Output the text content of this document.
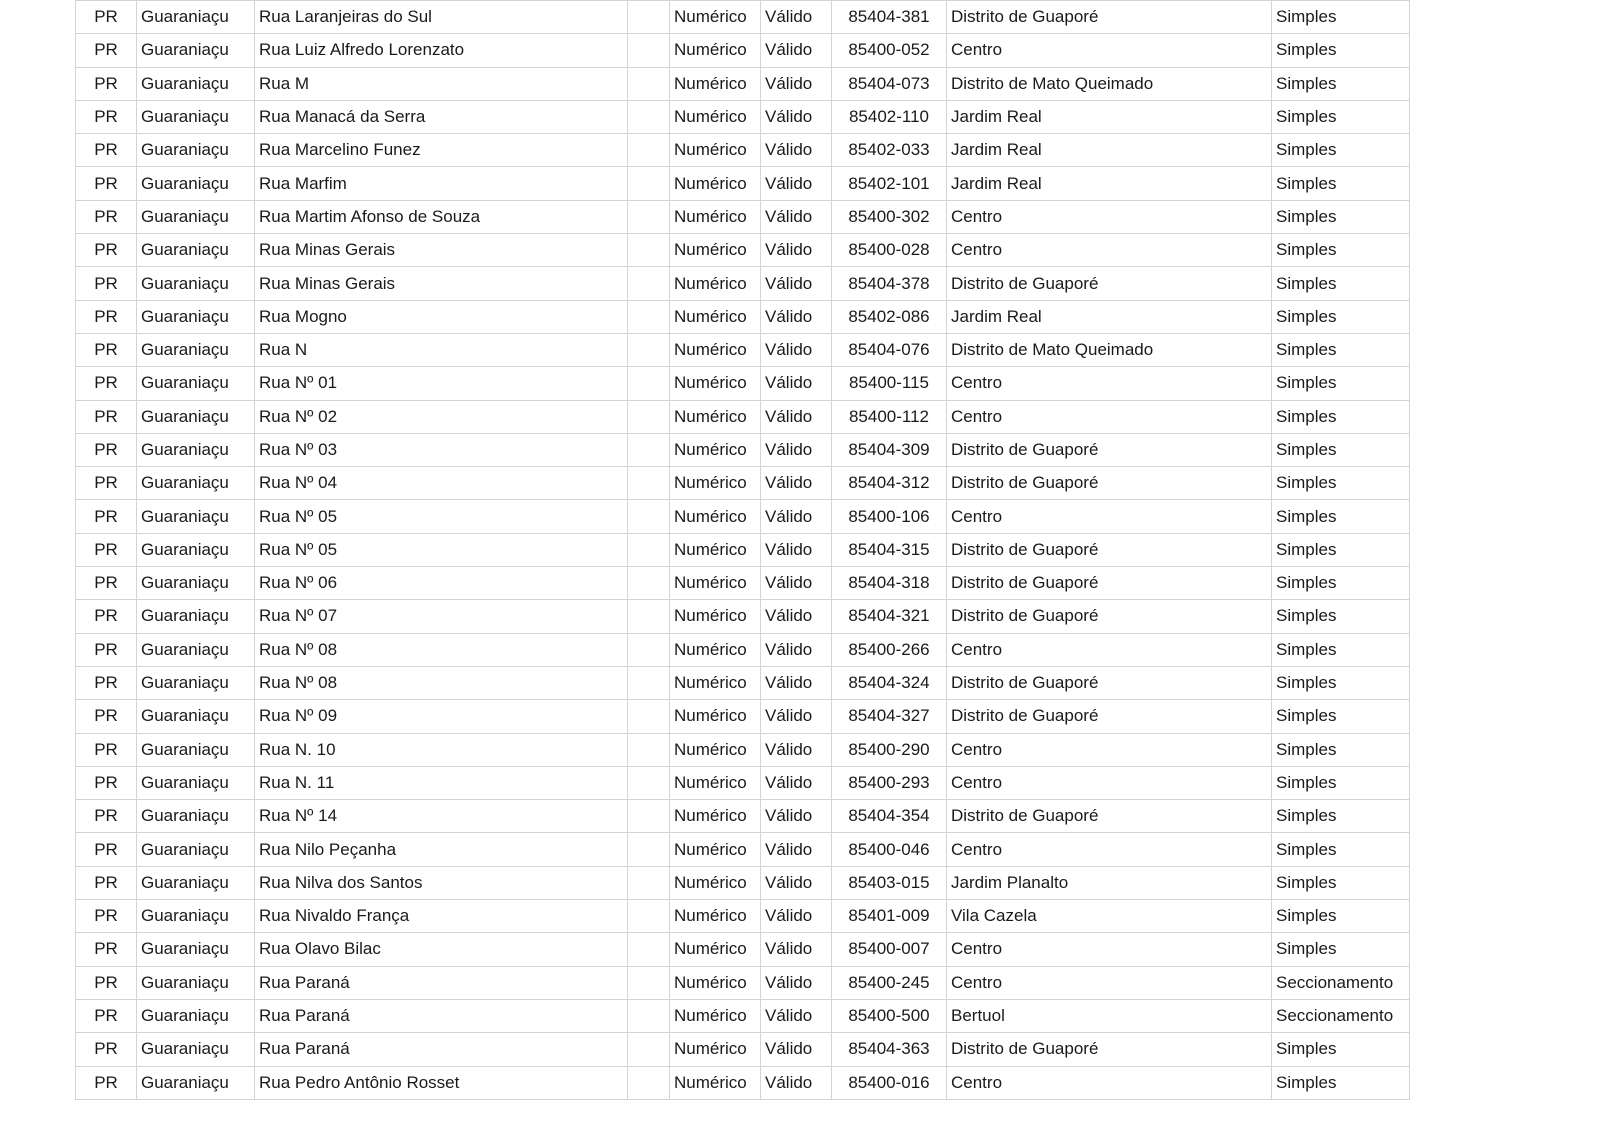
PR	Guaraniaçu	Rua Laranjeiras do Sul		Numérico	Válido	85404-381	Distrito de Guaporé	Simples
PR	Guaraniaçu	Rua Luiz Alfredo Lorenzato		Numérico	Válido	85400-052	Centro	Simples
PR	Guaraniaçu	Rua M		Numérico	Válido	85404-073	Distrito de Mato Queimado	Simples
PR	Guaraniaçu	Rua Manacá da Serra		Numérico	Válido	85402-110	Jardim Real	Simples
PR	Guaraniaçu	Rua Marcelino Funez		Numérico	Válido	85402-033	Jardim Real	Simples
PR	Guaraniaçu	Rua Marfim		Numérico	Válido	85402-101	Jardim Real	Simples
PR	Guaraniaçu	Rua Martim Afonso de Souza		Numérico	Válido	85400-302	Centro	Simples
PR	Guaraniaçu	Rua Minas Gerais		Numérico	Válido	85400-028	Centro	Simples
PR	Guaraniaçu	Rua Minas Gerais		Numérico	Válido	85404-378	Distrito de Guaporé	Simples
PR	Guaraniaçu	Rua Mogno		Numérico	Válido	85402-086	Jardim Real	Simples
PR	Guaraniaçu	Rua N		Numérico	Válido	85404-076	Distrito de Mato Queimado	Simples
PR	Guaraniaçu	Rua Nº 01		Numérico	Válido	85400-115	Centro	Simples
PR	Guaraniaçu	Rua Nº 02		Numérico	Válido	85400-112	Centro	Simples
PR	Guaraniaçu	Rua Nº 03		Numérico	Válido	85404-309	Distrito de Guaporé	Simples
PR	Guaraniaçu	Rua Nº 04		Numérico	Válido	85404-312	Distrito de Guaporé	Simples
PR	Guaraniaçu	Rua Nº 05		Numérico	Válido	85400-106	Centro	Simples
PR	Guaraniaçu	Rua Nº 05		Numérico	Válido	85404-315	Distrito de Guaporé	Simples
PR	Guaraniaçu	Rua Nº 06		Numérico	Válido	85404-318	Distrito de Guaporé	Simples
PR	Guaraniaçu	Rua Nº 07		Numérico	Válido	85404-321	Distrito de Guaporé	Simples
PR	Guaraniaçu	Rua Nº 08		Numérico	Válido	85400-266	Centro	Simples
PR	Guaraniaçu	Rua Nº 08		Numérico	Válido	85404-324	Distrito de Guaporé	Simples
PR	Guaraniaçu	Rua Nº 09		Numérico	Válido	85404-327	Distrito de Guaporé	Simples
PR	Guaraniaçu	Rua N. 10		Numérico	Válido	85400-290	Centro	Simples
PR	Guaraniaçu	Rua N. 11		Numérico	Válido	85400-293	Centro	Simples
PR	Guaraniaçu	Rua Nº 14		Numérico	Válido	85404-354	Distrito de Guaporé	Simples
PR	Guaraniaçu	Rua Nilo Peçanha		Numérico	Válido	85400-046	Centro	Simples
PR	Guaraniaçu	Rua Nilva dos Santos		Numérico	Válido	85403-015	Jardim Planalto	Simples
PR	Guaraniaçu	Rua Nivaldo França		Numérico	Válido	85401-009	Vila Cazela	Simples
PR	Guaraniaçu	Rua Olavo Bilac		Numérico	Válido	85400-007	Centro	Simples
PR	Guaraniaçu	Rua Paraná		Numérico	Válido	85400-245	Centro	Seccionamento
PR	Guaraniaçu	Rua Paraná		Numérico	Válido	85400-500	Bertuol	Seccionamento
PR	Guaraniaçu	Rua Paraná		Numérico	Válido	85404-363	Distrito de Guaporé	Simples
PR	Guaraniaçu	Rua Pedro Antônio Rosset		Numérico	Válido	85400-016	Centro	Simples
